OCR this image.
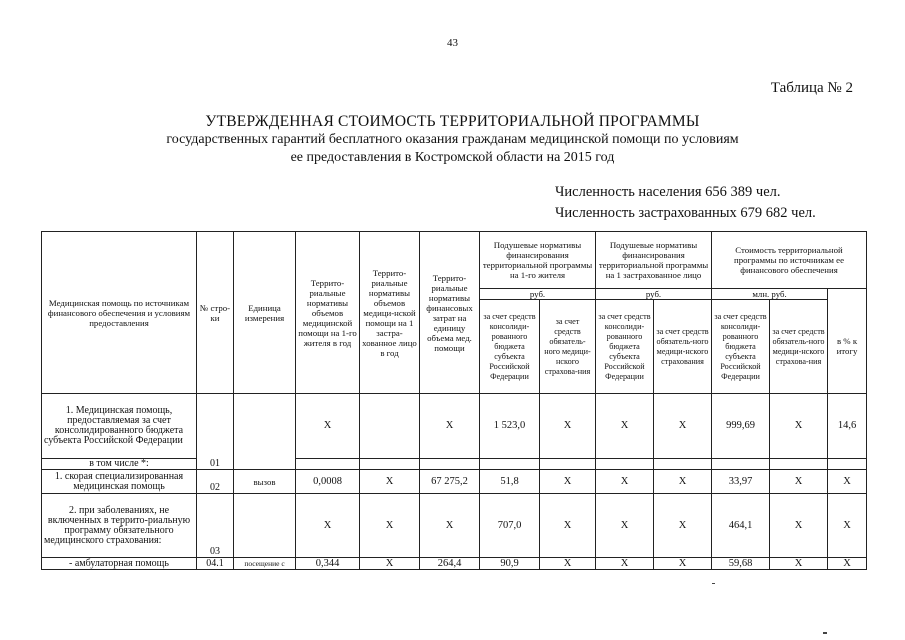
43
Таблица № 2
УТВЕРЖДЕННАЯ СТОИМОСТЬ ТЕРРИТОРИАЛЬНОЙ ПРОГРАММЫ
государственных гарантий бесплатного оказания гражданам медицинской помощи по условиям
ее предоставления в Костромской области на 2015 год
Численность населения 656 389 чел.
Численность застрахованных 679 682 чел.
Медицинская помощь по источникам финансового обеспечения и условиям предоставления	№ стро-ки	Единица измерения	Террито-риальные нормативы объемов медицинской помощи на 1-го жителя в год	Террито-риальные нормативы объемов медици-нской помощи на 1 застра-хованное лицо в год	Террито-риальные нормативы финансовых затрат на единицу объема мед. помощи	Подушевые нормативы финансирования территориальной программы на 1-го жителя		Подушевые нормативы финансирования территориальной программы на 1 застрахованное лицо		Стоимость территориальной программы по источникам ее финансового обеспечения		
						руб.		руб.		млн. руб.		
						за счет средств консолиди-рованного бюджета субъекта Российской Федерации	за счет средств обязатель-ного медици-нского страхова-ния	за счет средств консолиди-рованного бюджета субъекта Российской Федерации	за счет средств обязатель-ного медици-нского страхования	за счет средств консолиди-рованного бюджета субъекта Российской Федерации	за счет средств обязатель-ного медици-нского страхова-ния	в % к итогу
1. Медицинская помощь, предоставляемая за счет консолидированного бюджета субъекта Российской Федерации			X		X	1 523,0	X	X	X	999,69	X	14,6
в том числе *:	01											
1. скорая специализированная медицинская помощь	02	вызов	0,0008	X	67 275,2	51,8	X	X	X	33,97	X	X
2. при заболеваниях, не включенных в террито-риальную программу обязательного медицинского страхования:	03		X	X	X	707,0	X	X	X	464,1	X	X
- амбулаторная помощь	04.1	посещение с	0,344	X	264,4	90,9	X	X	X	59,68	X	X
